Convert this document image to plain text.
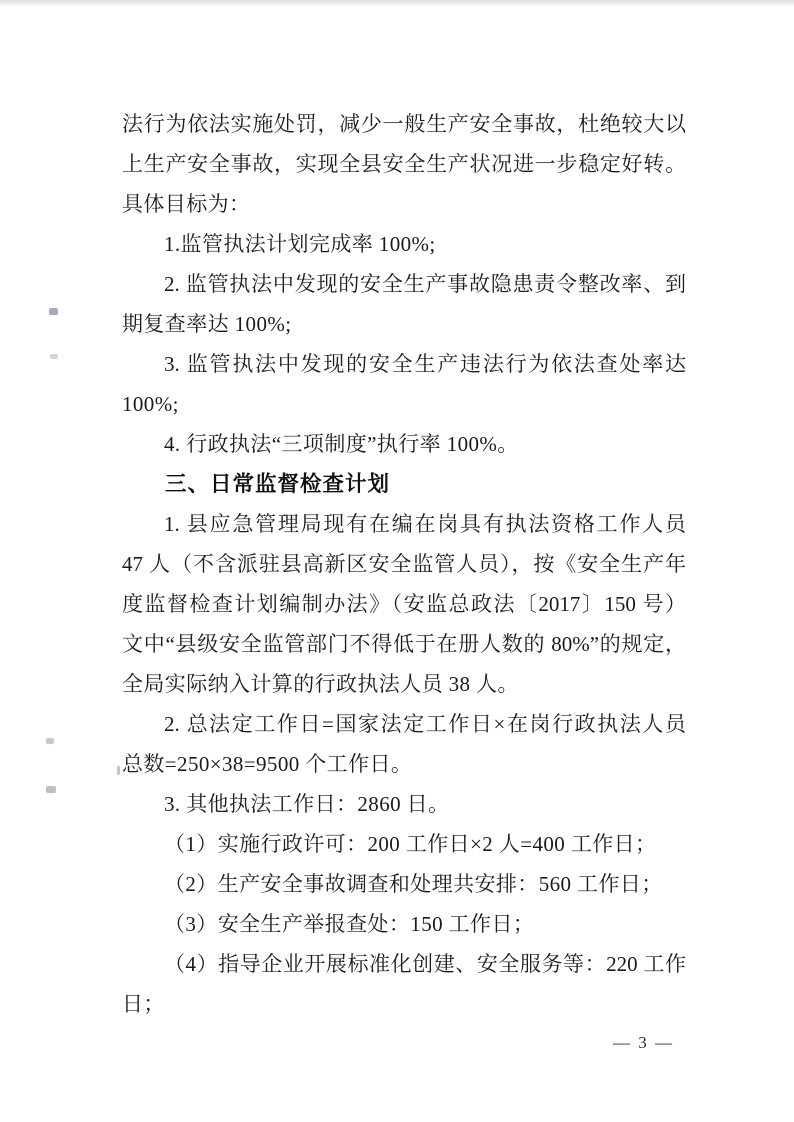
法行为依法实施处罚，减少一般生产安全事故，杜绝较大以
上生产安全事故，实现全县安全生产状况进一步稳定好转。
具体目标为：
1.监管执法计划完成率 100%;
2. 监管执法中发现的安全生产事故隐患责令整改率、到
期复查率达 100%;
3. 监管执法中发现的安全生产违法行为依法查处率达
100%;
4. 行政执法“三项制度”执行率 100%。
三、日常监督检查计划
1. 县应急管理局现有在编在岗具有执法资格工作人员
47 人（不含派驻县高新区安全监管人员），按《安全生产年
度监督检查计划编制办法》（安监总政法〔2017〕150 号）
文中“县级安全监管部门不得低于在册人数的 80%”的规定，
全局实际纳入计算的行政执法人员 38 人。
2. 总法定工作日=国家法定工作日×在岗行政执法人员
总数=250×38=9500 个工作日。
3. 其他执法工作日：2860 日。
（1）实施行政许可：200 工作日×2 人=400 工作日；
（2）生产安全事故调查和处理共安排：560 工作日；
（3）安全生产举报查处：150 工作日；
（4）指导企业开展标准化创建、安全服务等：220 工作
日；
— 3 —
